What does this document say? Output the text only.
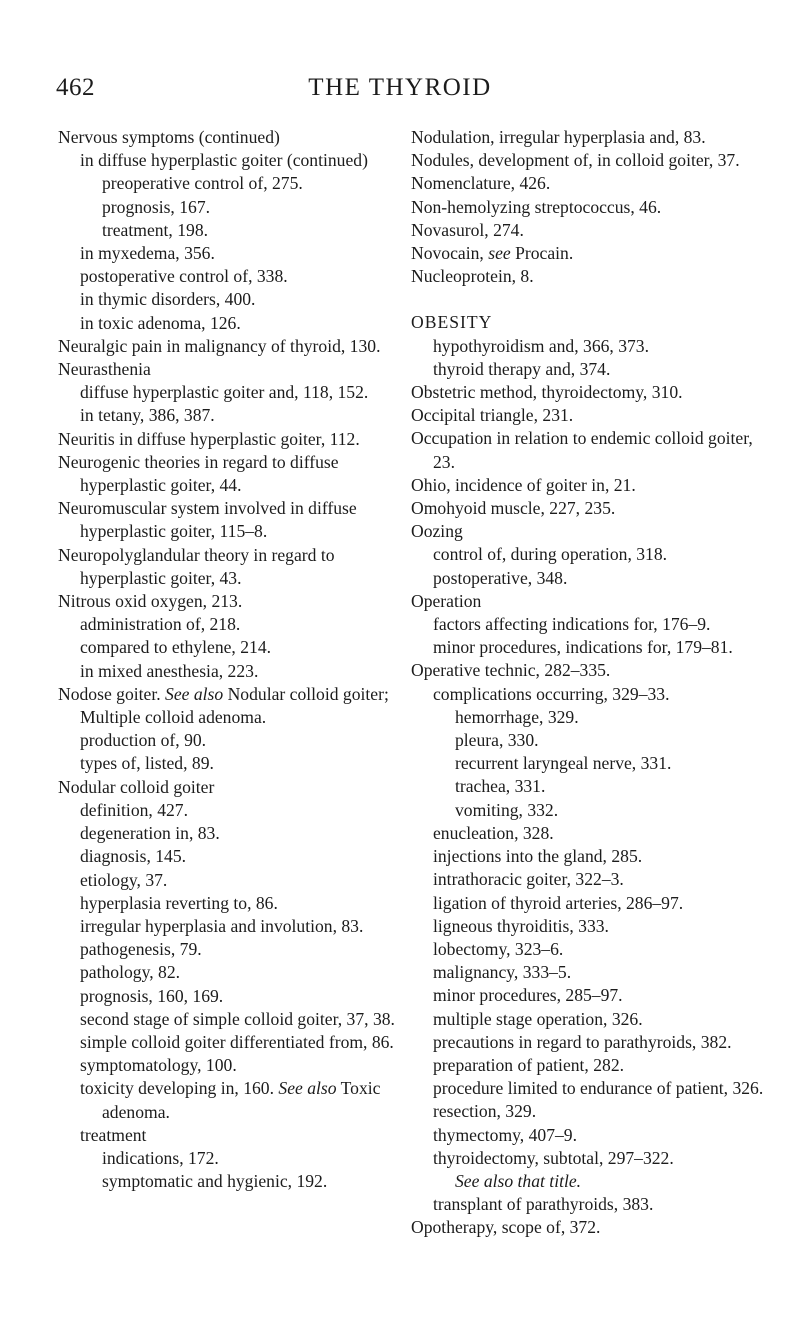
462	THE THYROID

Nervous symptoms (continued)

in diffuse hyperplastic goiter (continued)

preoperative control of, 275.

prognosis, 167.

treatment, 198.

in myxedema, 356.

postoperative control of, 338.

in thymic disorders, 400.

in toxic adenoma, 126.

Neuralgic pain in malignancy of thyroid, 130.

Neurasthenia

diffuse hyperplastic goiter and, 118, 152.

in tetany, 386, 387.

Neuritis in diffuse hyperplastic goiter, 112.

Neurogenic theories in regard to diffuse hyperplastic goiter, 44.

Neuromuscular system involved in diffuse hyperplastic goiter, 115–8.

Neuropolyglandular theory in regard to hyperplastic goiter, 43.

Nitrous oxid oxygen, 213.

administration of, 218.

compared to ethylene, 214.

in mixed anesthesia, 223.

Nodose goiter. See also Nodular colloid goiter; Multiple colloid adenoma.

production of, 90.

types of, listed, 89.

Nodular colloid goiter

definition, 427.

degeneration in, 83.

diagnosis, 145.

etiology, 37.

hyperplasia reverting to, 86.

irregular hyperplasia and involution, 83.

pathogenesis, 79.

pathology, 82.

prognosis, 160, 169.

second stage of simple colloid goiter, 37, 38.

simple colloid goiter differentiated from, 86.

symptomatology, 100.

toxicity developing in, 160. See also Toxic adenoma.

treatment

indications, 172.

symptomatic and hygienic, 192.

Nodulation, irregular hyperplasia and, 83.

Nodules, development of, in colloid goiter, 37.

Nomenclature, 426.

Non-hemolyzing streptococcus, 46.

Novasurol, 274.

Novocain, see Procain.

Nucleoprotein, 8.

OBESITY

hypothyroidism and, 366, 373.

thyroid therapy and, 374.

Obstetric method, thyroidectomy, 310.

Occipital triangle, 231.

Occupation in relation to endemic colloid goiter, 23.

Ohio, incidence of goiter in, 21.

Omohyoid muscle, 227, 235.

Oozing

control of, during operation, 318.

postoperative, 348.

Operation

factors affecting indications for, 176–9.

minor procedures, indications for, 179–81.

Operative technic, 282–335.

complications occurring, 329–33.

hemorrhage, 329.

pleura, 330.

recurrent laryngeal nerve, 331.

trachea, 331.

vomiting, 332.

enucleation, 328.

injections into the gland, 285.

intrathoracic goiter, 322–3.

ligation of thyroid arteries, 286–97.

ligneous thyroiditis, 333.

lobectomy, 323–6.

malignancy, 333–5.

minor procedures, 285–97.

multiple stage operation, 326.

precautions in regard to parathyroids, 382.

preparation of patient, 282.

procedure limited to endurance of patient, 326.

resection, 329.

thymectomy, 407–9.

thyroidectomy, subtotal, 297–322.
See also that title.

transplant of parathyroids, 383.

Opotherapy, scope of, 372.
